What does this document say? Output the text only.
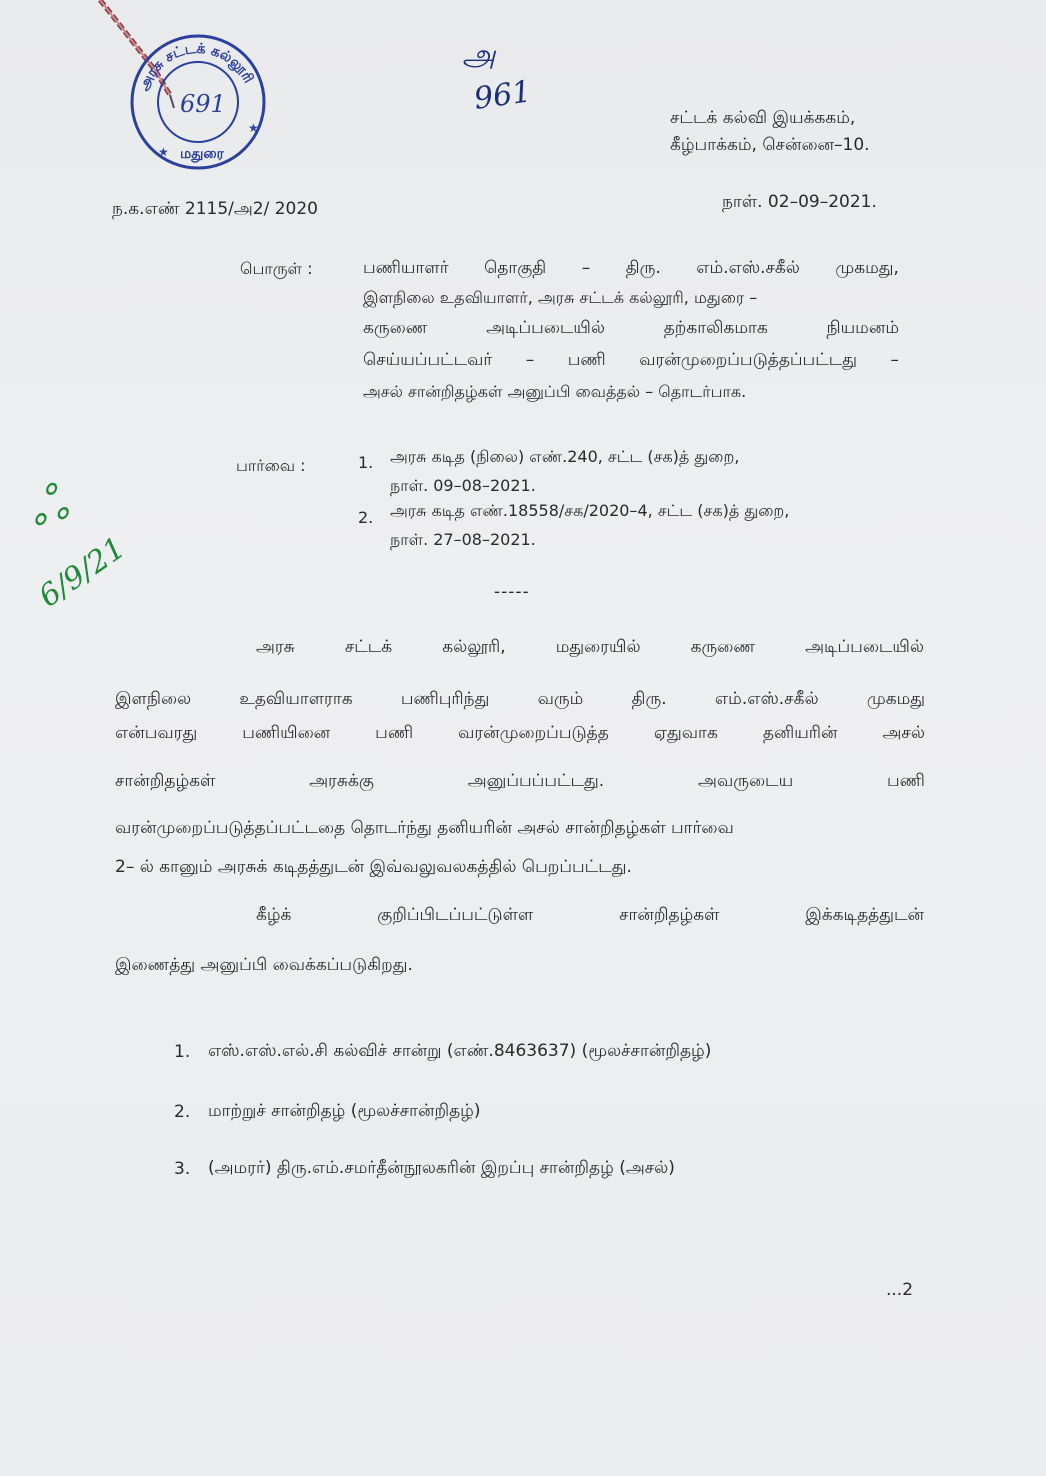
அரசு சட்டக் கல்லூரி
மதுரை
691
★
★
அ
961
சட்டக் கல்வி இயக்ககம்,
கீழ்பாக்கம், சென்னை–10.
ந.க.எண் 2115/அ2/ 2020	நாள். 02–09–2021.
பொருள் :	பணியாளர் தொகுதி – திரு. எம்.எஸ்.சகீல் முகமது,
இளநிலை உதவியாளர், அரசு சட்டக் கல்லூரி, மதுரை –
கருணை	அடிப்படையில்	தற்காலிகமாக	நியமனம்
செய்யப்பட்டவர் – பணி வரன்முறைப்படுத்தப்பட்டது –
அசல் சான்றிதழ்கள் அனுப்பி வைத்தல் – தொடர்பாக.
பார்வை :	1. அரசு கடித (நிலை) எண்.240, சட்ட (சக)த் துறை,
நாள். 09–08–2021.
2. அரசு கடித எண்.18558/சக/2020–4, சட்ட (சக)த் துறை,
நாள். 27–08–2021.
ஃ
6/9/21	-----
அரசு	சட்டக்	கல்லூரி,	மதுரையில்	கருணை	அடிப்படையில்
இளநிலை	உதவியாளராக	பணிபுரிந்து	வரும்	திரு.	எம்.எஸ்.சகீல்	முகமது
என்பவரது	பணியினை	பணி	வரன்முறைப்படுத்த	ஏதுவாக	தனியரின்	அசல்
சான்றிதழ்கள்	அரசுக்கு	அனுப்பப்பட்டது.	அவருடைய	பணி
வரன்முறைப்படுத்தப்பட்டதை தொடர்ந்து தனியரின் அசல் சான்றிதழ்கள் பார்வை
2– ல் கானும் அரசுக் கடிதத்துடன் இவ்வலுவலகத்தில் பெறப்பட்டது.
கீழ்க்	குறிப்பிடப்பட்டுள்ள	சான்றிதழ்கள்	இக்கடிதத்துடன்
இணைத்து அனுப்பி வைக்கப்படுகிறது.
1. எஸ்.எஸ்.எல்.சி கல்விச் சான்று (எண்.8463637) (மூலச்சான்றிதழ்)
2. மாற்றுச் சான்றிதழ் (மூலச்சான்றிதழ்)
3. (அமரர்) திரு.எம்.சமர்தீன்நூலகரின் இறப்பு சான்றிதழ் (அசல்)
...2
